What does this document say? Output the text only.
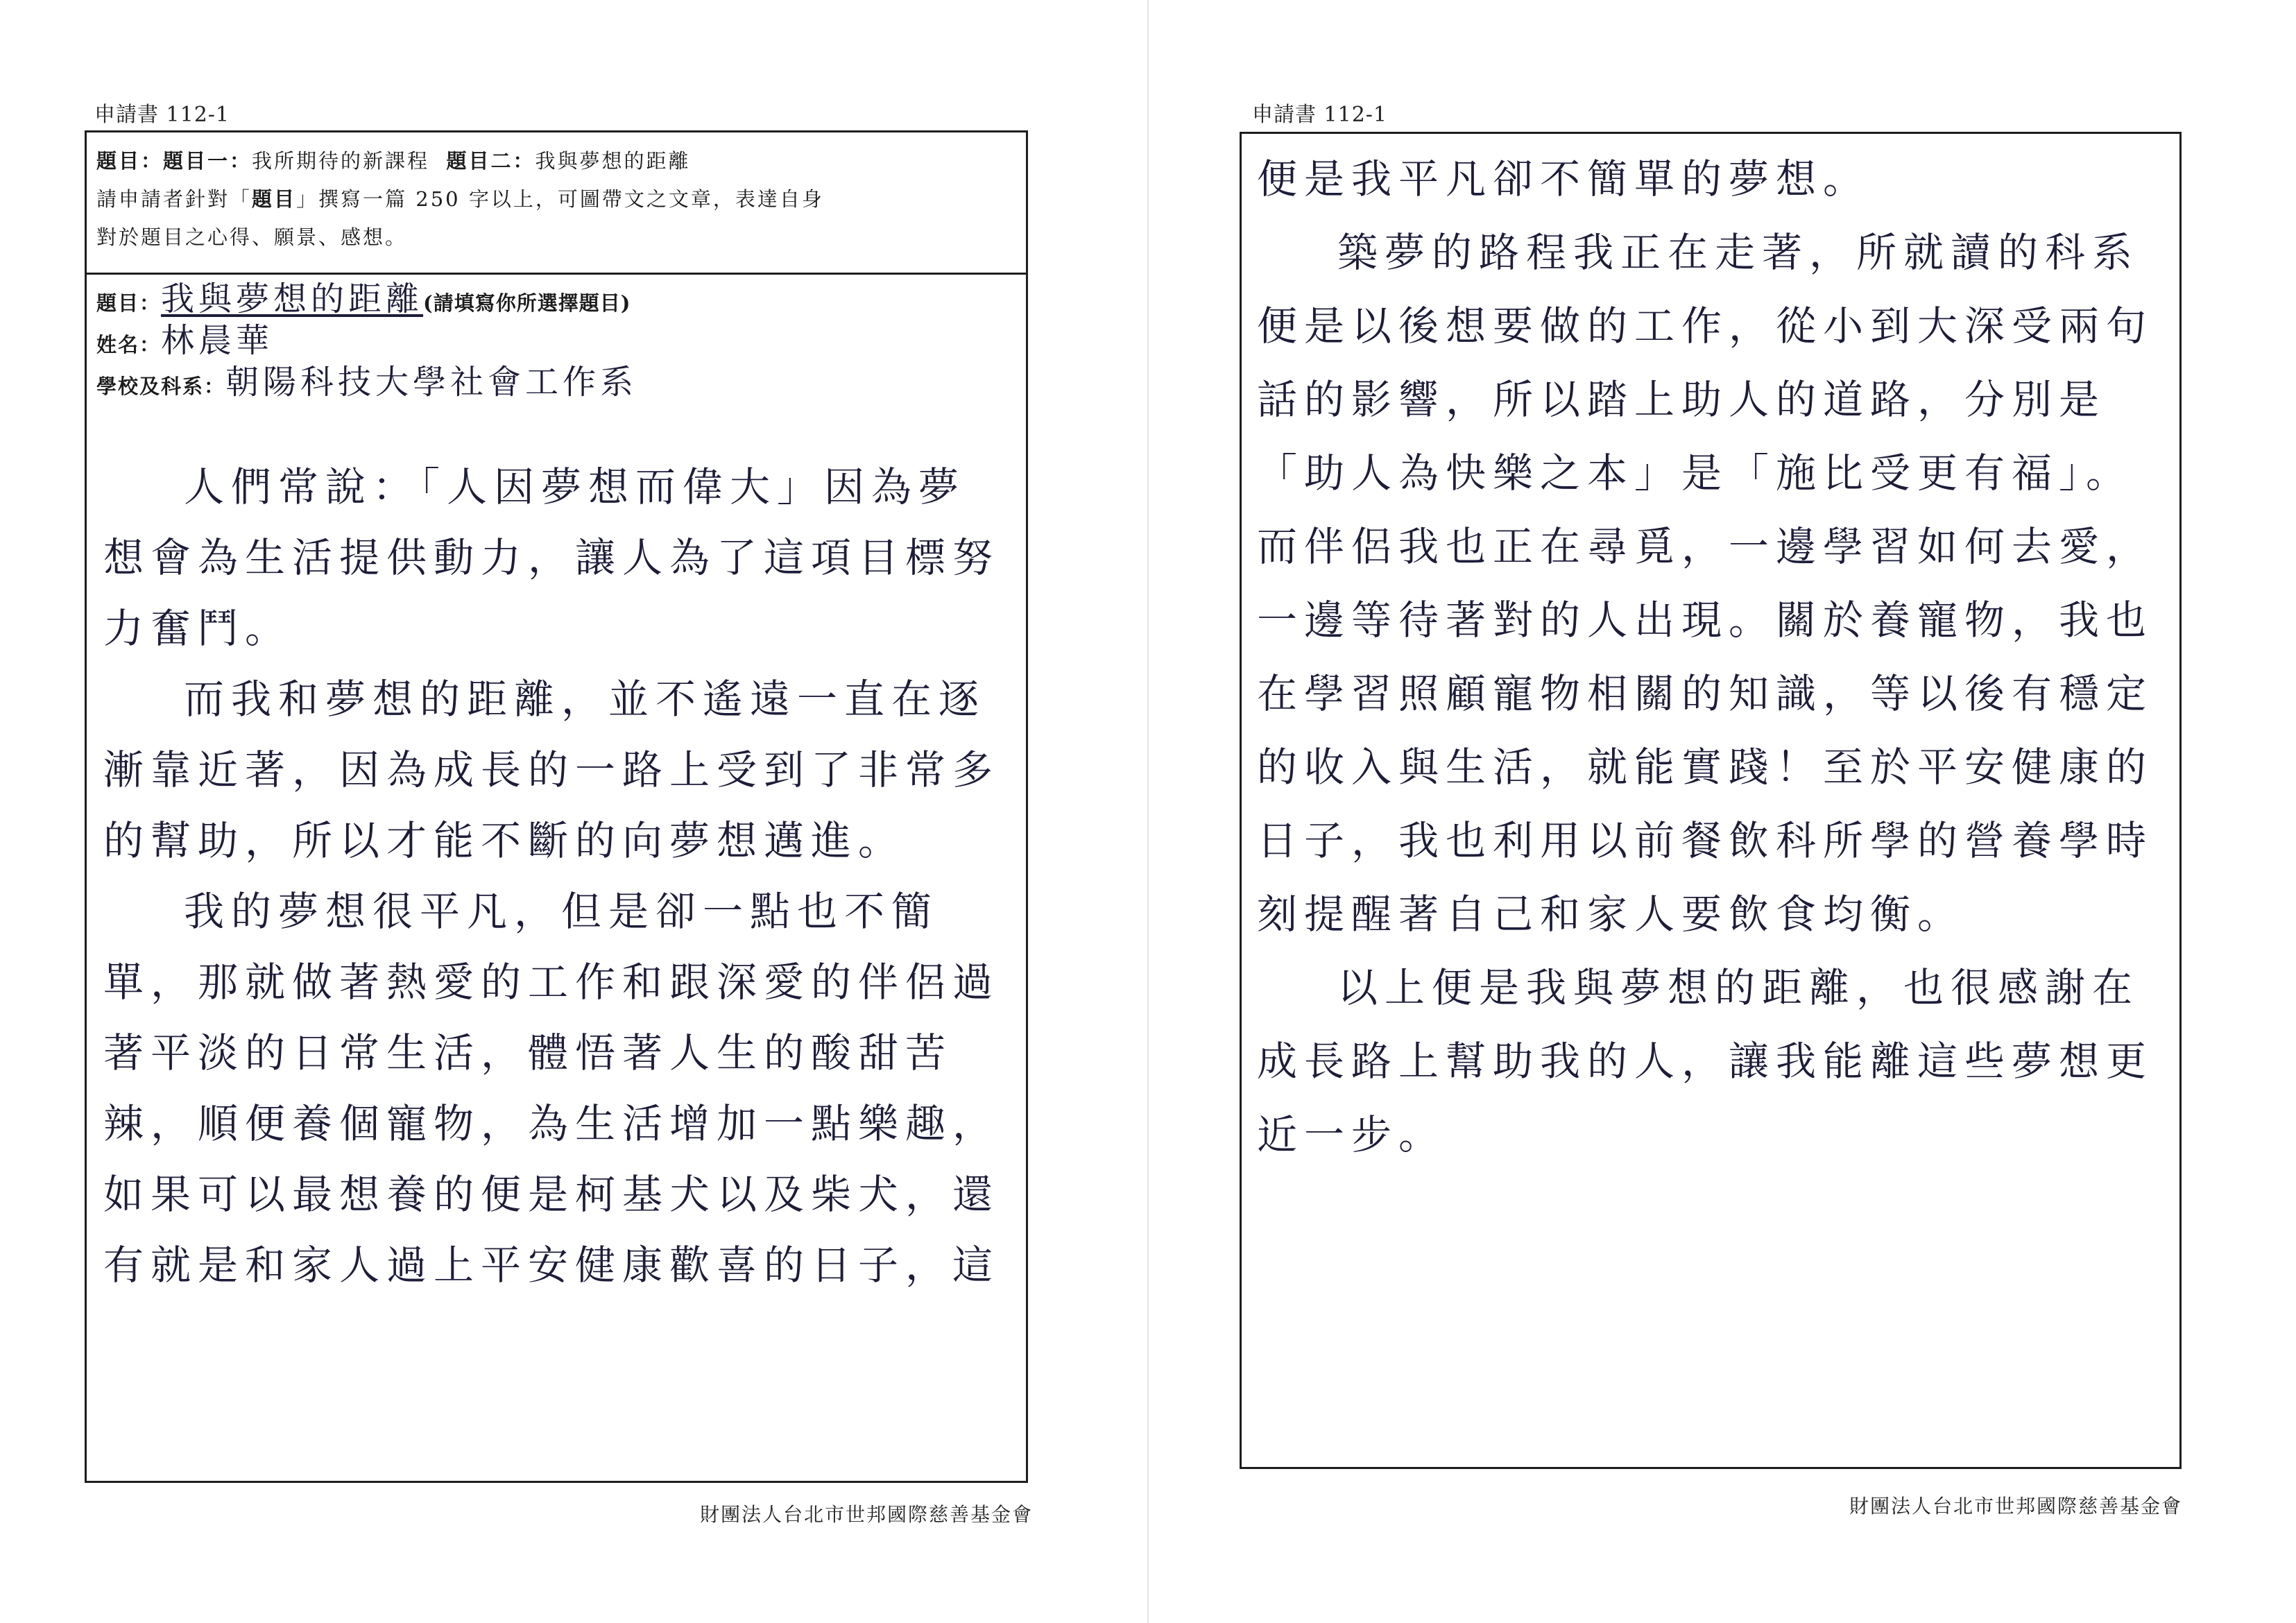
申請書 112-1
題目：題目一：我所期待的新課程 題目二：我與夢想的距離
請申請者針對「題目」撰寫一篇 250 字以上，可圖帶文之文章，表達自身
對於題目之心得、願景、感想。
題目：我與夢想的距離(請填寫你所選擇題目)
姓名：林晨華
學校及科系：朝陽科技大學社會工作系

人們常說：「人因夢想而偉大」因為夢想會為生活提供動力，讓人為了這項目標努力奮鬥。

而我和夢想的距離，並不遙遠一直在逐漸靠近著，因為成長的一路上受到了非常多的幫助，所以才能不斷的向夢想邁進。

我的夢想很平凡，但是卻一點也不簡單，那就做著熱愛的工作和跟深愛的伴侶過著平淡的日常生活，體悟著人生的酸甜苦辣，順便養個寵物，為生活增加一點樂趣，如果可以最想養的便是柯基犬以及柴犬，還有就是和家人過上平安健康歡喜的日子，這

財團法人台北市世邦國際慈善基金會
申請書 112-1

便是我平凡卻不簡單的夢想。

築夢的路程我正在走著，所就讀的科系便是以後想要做的工作，從小到大深受兩句話的影響，所以踏上助人的道路，分別是「助人為快樂之本」是「施比受更有福」。而伴侶我也正在尋覓，一邊學習如何去愛，一邊等待著對的人出現。關於養寵物，我也在學習照顧寵物相關的知識，等以後有穩定的收入與生活，就能實踐！至於平安健康的日子，我也利用以前餐飲科所學的營養學時刻提醒著自己和家人要飲食均衡。

以上便是我與夢想的距離，也很感謝在成長路上幫助我的人，讓我能離這些夢想更近一步。

財團法人台北市世邦國際慈善基金會
